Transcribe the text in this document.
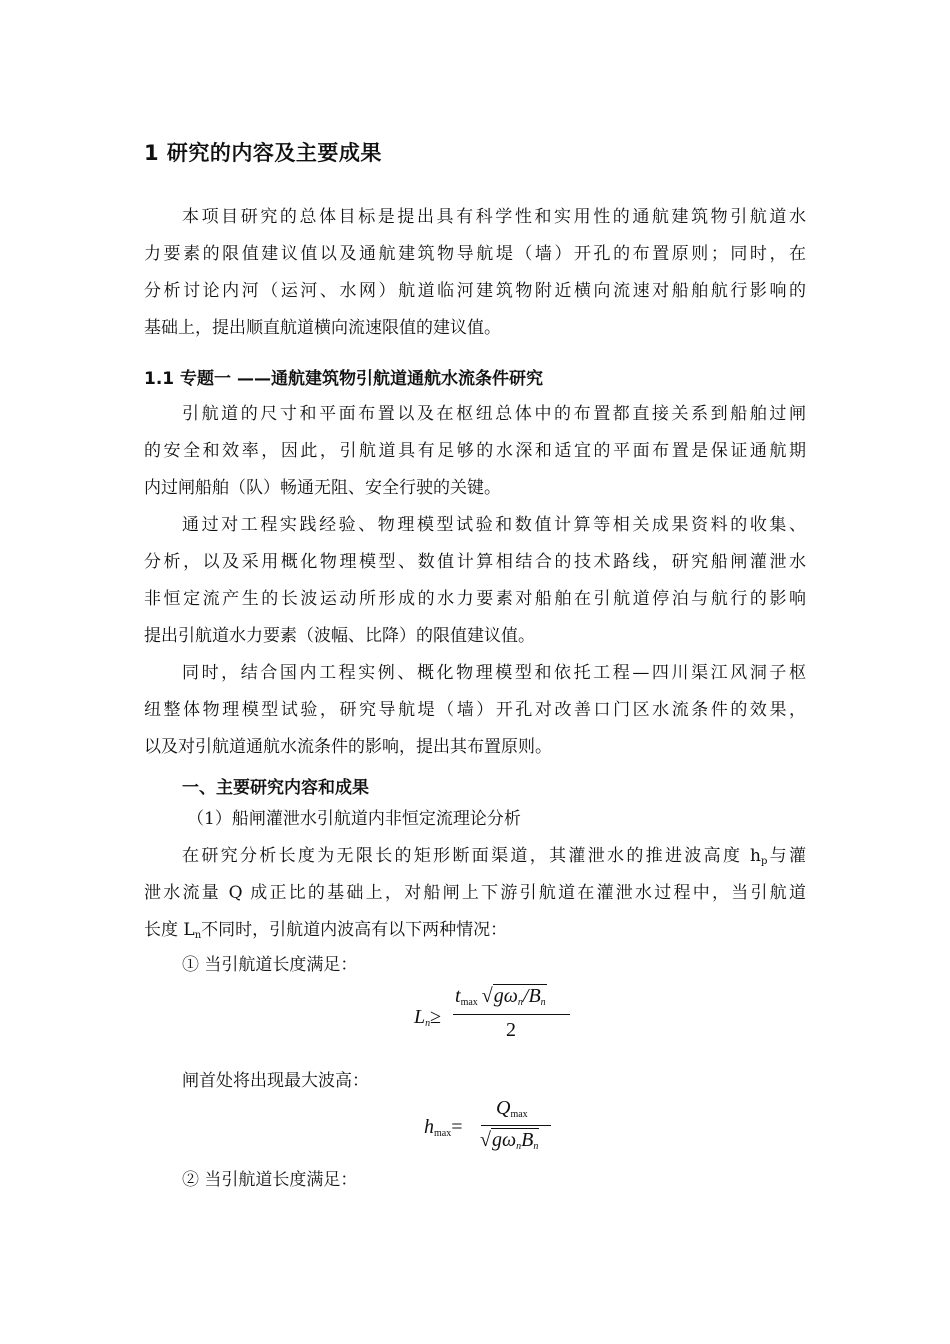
1 研究的内容及主要成果
本项目研究的总体目标是提出具有科学性和实用性的通航建筑物引航道水
力要素的限值建议值以及通航建筑物导航堤（墙）开孔的布置原则；同时，在
分析讨论内河（运河、水网）航道临河建筑物附近横向流速对船舶航行影响的
基础上，提出顺直航道横向流速限值的建议值。
1.1 专题一 ——通航建筑物引航道通航水流条件研究
引航道的尺寸和平面布置以及在枢纽总体中的布置都直接关系到船舶过闸
的安全和效率，因此，引航道具有足够的水深和适宜的平面布置是保证通航期
内过闸船舶（队）畅通无阻、安全行驶的关键。
通过对工程实践经验、物理模型试验和数值计算等相关成果资料的收集、
分析，以及采用概化物理模型、数值计算相结合的技术路线，研究船闸灌泄水
非恒定流产生的长波运动所形成的水力要素对船舶在引航道停泊与航行的影响
提出引航道水力要素（波幅、比降）的限值建议值。
同时，结合国内工程实例、概化物理模型和依托工程—四川渠江风洞子枢
纽整体物理模型试验，研究导航堤（墙）开孔对改善口门区水流条件的效果，
以及对引航道通航水流条件的影响，提出其布置原则。
一、主要研究内容和成果
（1）船闸灌泄水引航道内非恒定流理论分析
在研究分析长度为无限长的矩形断面渠道，其灌泄水的推进波高度 $h_p$与灌
泄水流量 Q 成正比的基础上，对船闸上下游引航道在灌泄水过程中，当引航道
长度 $L_n$不同时，引航道内波高有以下两种情况：
① 当引航道长度满足：
$L_n\ge$
$t_{max}$ $√g\omega_n/B_n$
2
闸首处将出现最大波高：
$h_{max}=$
$Q_{max}$
$√g\omega_nB_n$
② 当引航道长度满足：
